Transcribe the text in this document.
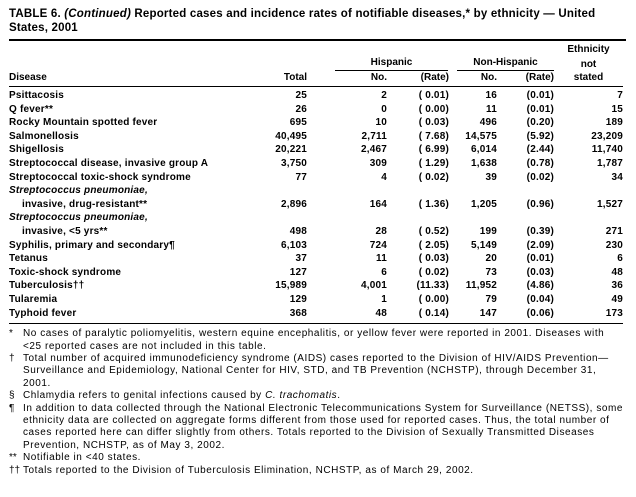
TABLE 6. (Continued) Reported cases and incidence rates of notifiable diseases,* by ethnicity — United States, 2001
						Ethnicity

		Hispanic		Non-Hispanic		not
Disease	Total	No.	(Rate)	No.	(Rate)	stated
Psittacosis	25	2	( 0.01)	16	(0.01)	7
Q fever**	26	0	( 0.00)	11	(0.01)	15
Rocky Mountain spotted fever	695	10	( 0.03)	496	(0.20)	189
Salmonellosis	40,495	2,711	( 7.68)	14,575	(5.92)	23,209
Shigellosis	20,221	2,467	( 6.99)	6,014	(2.44)	11,740
Streptococcal disease, invasive group A	3,750	309	( 1.29)	1,638	(0.78)	1,787
Streptococcal toxic-shock syndrome	77	4	( 0.02)	39	(0.02)	34
Streptococcus pneumoniae,						
invasive, drug-resistant**	2,896	164	( 1.36)	1,205	(0.96)	1,527
Streptococcus pneumoniae,						
invasive, <5 yrs**	498	28	( 0.52)	199	(0.39)	271
Syphilis, primary and secondary¶	6,103	724	( 2.05)	5,149	(2.09)	230
Tetanus	37	11	( 0.03)	20	(0.01)	6
Toxic-shock syndrome	127	6	( 0.02)	73	(0.03)	48
Tuberculosis††	15,989	4,001	(11.33)	11,952	(4.86)	36
Tularemia	129	1	( 0.00)	79	(0.04)	49
Typhoid fever	368	48	( 0.14)	147	(0.06)	173
*	No cases of paralytic poliomyelitis, western equine encephalitis, or yellow fever were reported in 2001. Diseases with <25 reported cases are not included in this table.
† Total number of acquired immunodeficiency syndrome (AIDS) cases reported to the Division of HIV/AIDS Prevention—Surveillance and Epidemiology, National Center for HIV, STD, and TB Prevention (NCHSTP), through December 31, 2001.
§ Chlamydia refers to genital infections caused by C. trachomatis.
¶ In addition to data collected through the National Electronic Telecommunications System for Surveillance (NETSS), some ethnicity data are collected on aggregate forms different from those used for reported cases. Thus, the total number of cases reported here can differ slightly from others. Totals reported to the Division of Sexually Transmitted Diseases Prevention, NCHSTP, as of May 3, 2002.
** Notifiable in <40 states.
†† Totals reported to the Division of Tuberculosis Elimination, NCHSTP, as of March 29, 2002.
